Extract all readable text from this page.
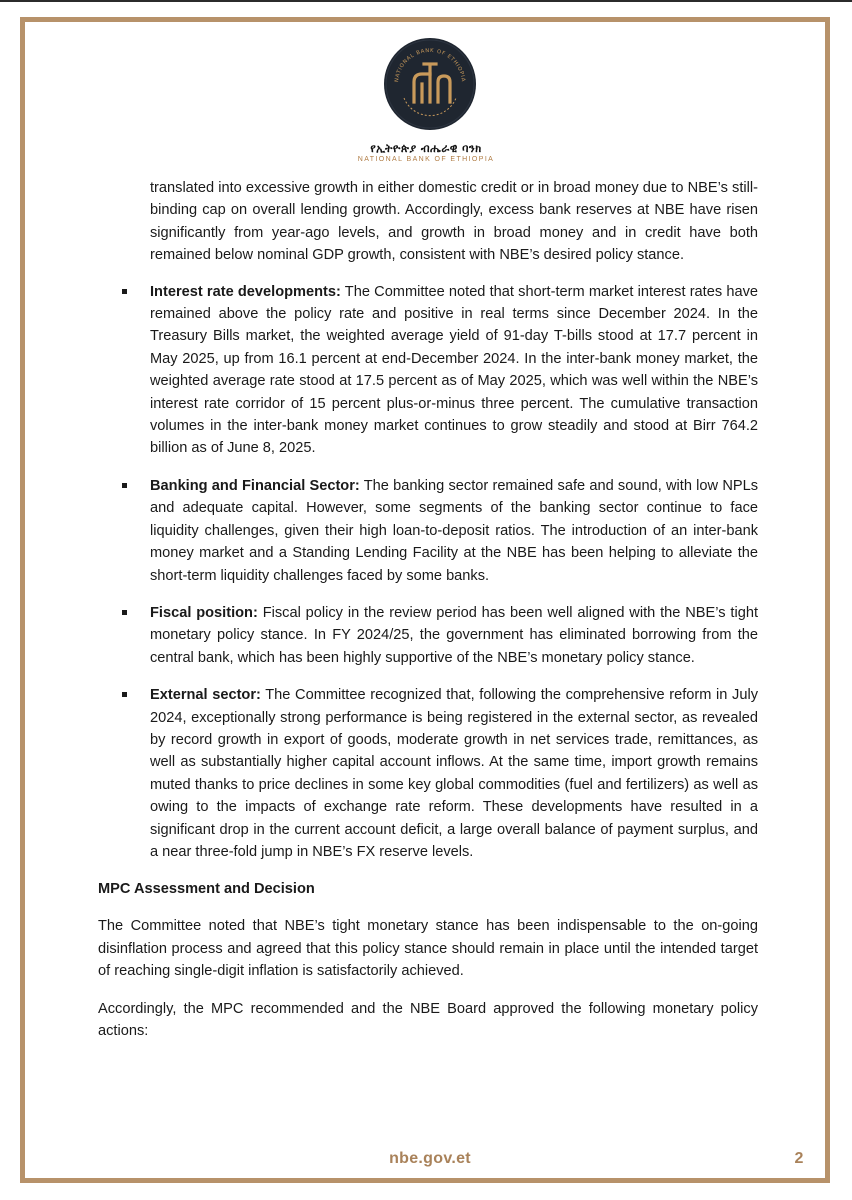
NATIONAL BANK OF ETHIOPIA
የኢትዮጵያ ብሔራዊ ባንክ
NATIONAL BANK OF ETHIOPIA

translated into excessive growth in either domestic credit or in broad money due to NBE’s still-binding cap on overall lending growth. Accordingly, excess bank reserves at NBE have risen significantly from year-ago levels, and growth in broad money and in credit have both remained below nominal GDP growth, consistent with NBE’s desired policy stance.

Interest rate developments: The Committee noted that short-term market interest rates have remained above the policy rate and positive in real terms since December 2024. In the Treasury Bills market, the weighted average yield of 91-day T-bills stood at 17.7 percent in May 2025, up from 16.1 percent at end-December 2024. In the inter-bank money market, the weighted average rate stood at 17.5 percent as of May 2025, which was well within the NBE’s interest rate corridor of 15 percent plus-or-minus three percent. The cumulative transaction volumes in the inter-bank money market continues to grow steadily and stood at Birr 764.2 billion as of June 8, 2025.
Banking and Financial Sector: The banking sector remained safe and sound, with low NPLs and adequate capital. However, some segments of the banking sector continue to face liquidity challenges, given their high loan-to-deposit ratios. The introduction of an inter-bank money market and a Standing Lending Facility at the NBE has been helping to alleviate the short-term liquidity challenges faced by some banks.
Fiscal position: Fiscal policy in the review period has been well aligned with the NBE’s tight monetary policy stance. In FY 2024/25, the government has eliminated borrowing from the central bank, which has been highly supportive of the NBE’s monetary policy stance.
External sector: The Committee recognized that, following the comprehensive reform in July 2024, exceptionally strong performance is being registered in the external sector, as revealed by record growth in export of goods, moderate growth in net services trade, remittances, as well as substantially higher capital account inflows. At the same time, import growth remains muted thanks to price declines in some key global commodities (fuel and fertilizers) as well as owing to the impacts of exchange rate reform. These developments have resulted in a significant drop in the current account deficit, a large overall balance of payment surplus, and a near three-fold jump in NBE’s FX reserve levels.
MPC Assessment and Decision

The Committee noted that NBE’s tight monetary stance has been indispensable to the on-going disinflation process and agreed that this policy stance should remain in place until the intended target of reaching single-digit inflation is satisfactorily achieved.

Accordingly, the MPC recommended and the NBE Board approved the following monetary policy actions:

nbe.gov.et	2
